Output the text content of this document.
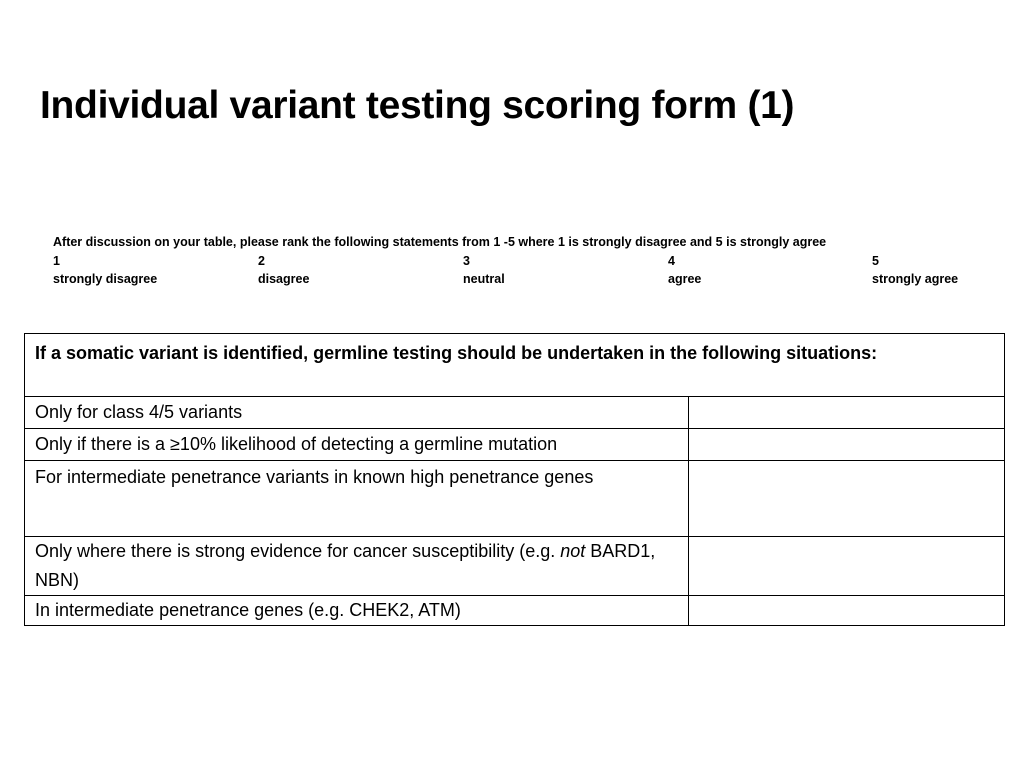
Individual variant testing scoring form (1)
After discussion on your table, please rank the following statements from 1 -5 where 1 is strongly disagree and 5 is strongly agree
1	2	3	4	5
strongly disagree	disagree	neutral	agree	strongly agree
If a somatic variant is identified, germline testing should be undertaken in the following situations:	
Only for class 4/5 variants	
Only if there is a ≥10% likelihood of detecting a germline mutation	

For intermediate penetrance variants in known high penetrance genes	

Only where there is strong evidence for cancer susceptibility (e.g. not BARD1, NBN)	
In intermediate penetrance genes (e.g. CHEK2, ATM)	
